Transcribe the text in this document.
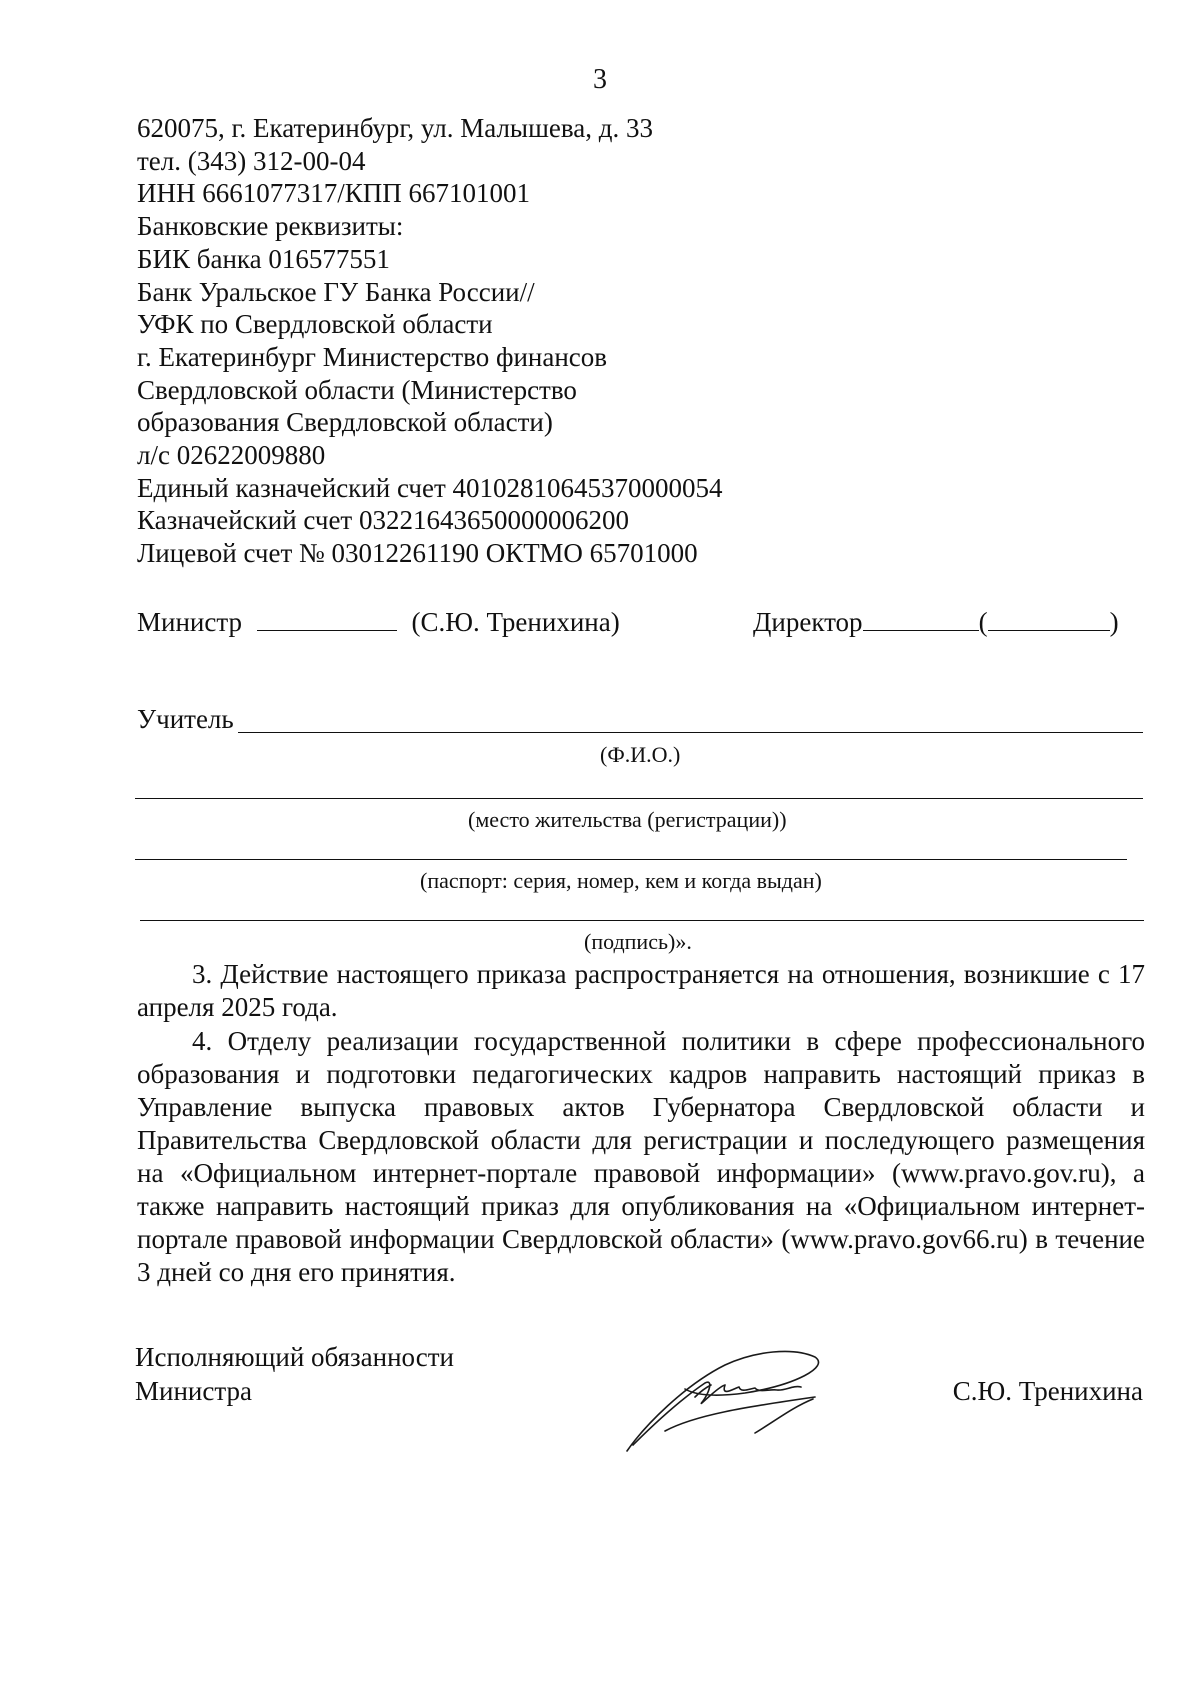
3
620075, г. Екатеринбург, ул. Малышева, д. 33
тел. (343) 312-00-04
ИНН 6661077317/КПП 667101001
Банковские реквизиты:
БИК банка 016577551
Банк Уральское ГУ Банка России//
УФК по Свердловской области
г. Екатеринбург Министерство финансов
Свердловской области (Министерство
образования Свердловской области)
л/с 02622009880
Единый казначейский счет 40102810645370000054
Казначейский счет 03221643650000006200
Лицевой счет № 03012261190 ОКТМО 65701000
Министр	(С.Ю. Тренихина)	Директор	(	)
Учитель
(Ф.И.О.)
(место жительства (регистрации))
(паспорт: серия, номер, кем и когда выдан)
(подпись)».
3. Действие настоящего приказа распространяется на отношения, возникшие с 17 апреля 2025 года.
4. Отделу реализации государственной политики в сфере профессионального образования и подготовки педагогических кадров направить настоящий приказ в Управление выпуска правовых актов Губернатора Свердловской области и Правительства Свердловской области для регистрации и последующего размещения на «Официальном интернет-портале правовой информации» (www.pravo.gov.ru), а также направить настоящий приказ для опубликования на «Официальном интернет-портале правовой информации Свердловской области» (www.pravo.gov66.ru) в течение 3 дней со дня его принятия.
Исполняющий обязанности
Министра	С.Ю. Тренихина
